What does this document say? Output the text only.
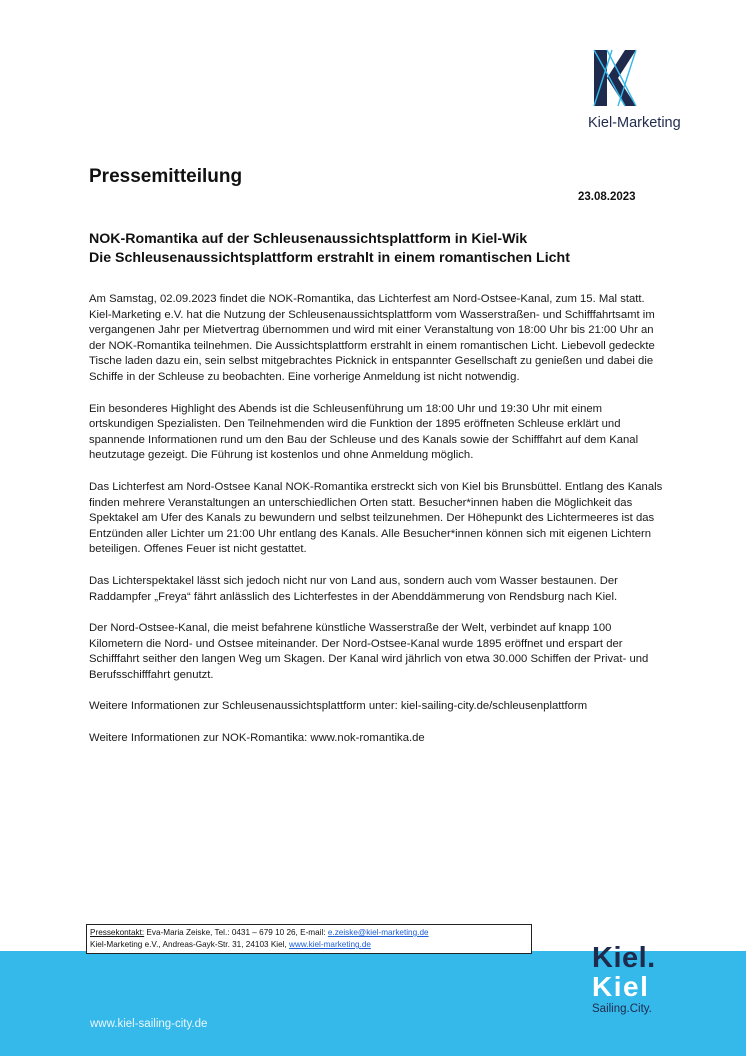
Kiel-Marketing
Pressemitteilung
23.08.2023
NOK-Romantika auf der Schleusenaussichtsplattform in Kiel-Wik
Die Schleusenaussichtsplattform erstrahlt in einem romantischen Licht

Am Samstag, 02.09.2023 findet die NOK-Romantika, das Lichterfest am Nord-Ostsee-Kanal, zum 15. Mal statt. Kiel-Marketing e.V. hat die Nutzung der Schleusenaussichtsplattform vom Wasserstraßen- und Schifffahrtsamt im vergangenen Jahr per Mietvertrag übernommen und wird mit einer Veranstaltung von 18:00 Uhr bis 21:00 Uhr an der NOK-Romantika teilnehmen. Die Aussichtsplattform erstrahlt in einem romantischen Licht. Liebevoll gedeckte Tische laden dazu ein, sein selbst mitgebrachtes Picknick in entspannter Gesellschaft zu genießen und dabei die Schiffe in der Schleuse zu beobachten. Eine vorherige Anmeldung ist nicht notwendig.

Ein besonderes Highlight des Abends ist die Schleusenführung um 18:00 Uhr und 19:30 Uhr mit einem ortskundigen Spezialisten. Den Teilnehmenden wird die Funktion der 1895 eröffneten Schleuse erklärt und spannende Informationen rund um den Bau der Schleuse und des Kanals sowie der Schifffahrt auf dem Kanal heutzutage gezeigt. Die Führung ist kostenlos und ohne Anmeldung möglich.

Das Lichterfest am Nord-Ostsee Kanal NOK-Romantika erstreckt sich von Kiel bis Brunsbüttel. Entlang des Kanals finden mehrere Veranstaltungen an unterschiedlichen Orten statt. Besucher*innen haben die Möglichkeit das Spektakel am Ufer des Kanals zu bewundern und selbst teilzunehmen. Der Höhepunkt des Lichtermeeres ist das Entzünden aller Lichter um 21:00 Uhr entlang des Kanals. Alle Besucher*innen können sich mit eigenen Lichtern beteiligen. Offenes Feuer ist nicht gestattet.

Das Lichterspektakel lässt sich jedoch nicht nur von Land aus, sondern auch vom Wasser bestaunen. Der Raddampfer „Freya“ fährt anlässlich des Lichterfestes in der Abenddämmerung von Rendsburg nach Kiel.

Der Nord-Ostsee-Kanal, die meist befahrene künstliche Wasserstraße der Welt, verbindet auf knapp 100 Kilometern die Nord- und Ostsee miteinander. Der Nord-Ostsee-Kanal wurde 1895 eröffnet und erspart der Schifffahrt seither den langen Weg um Skagen. Der Kanal wird jährlich von etwa 30.000 Schiffen der Privat- und Berufsschifffahrt genutzt.

Weitere Informationen zur Schleusenaussichtsplattform unter: kiel-sailing-city.de/schleusenplattform

Weitere Informationen zur NOK-Romantika: www.nok-romantika.de

Pressekontakt: Eva-Maria Zeiske, Tel.: 0431 – 679 10 26, E-mail: e.zeiske@kiel-marketing.de
Kiel-Marketing e.V., Andreas-Gayk-Str. 31, 24103 Kiel, www.kiel-marketing.de
www.kiel-sailing-city.de
Kiel.
Kiel
Sailing.City.
